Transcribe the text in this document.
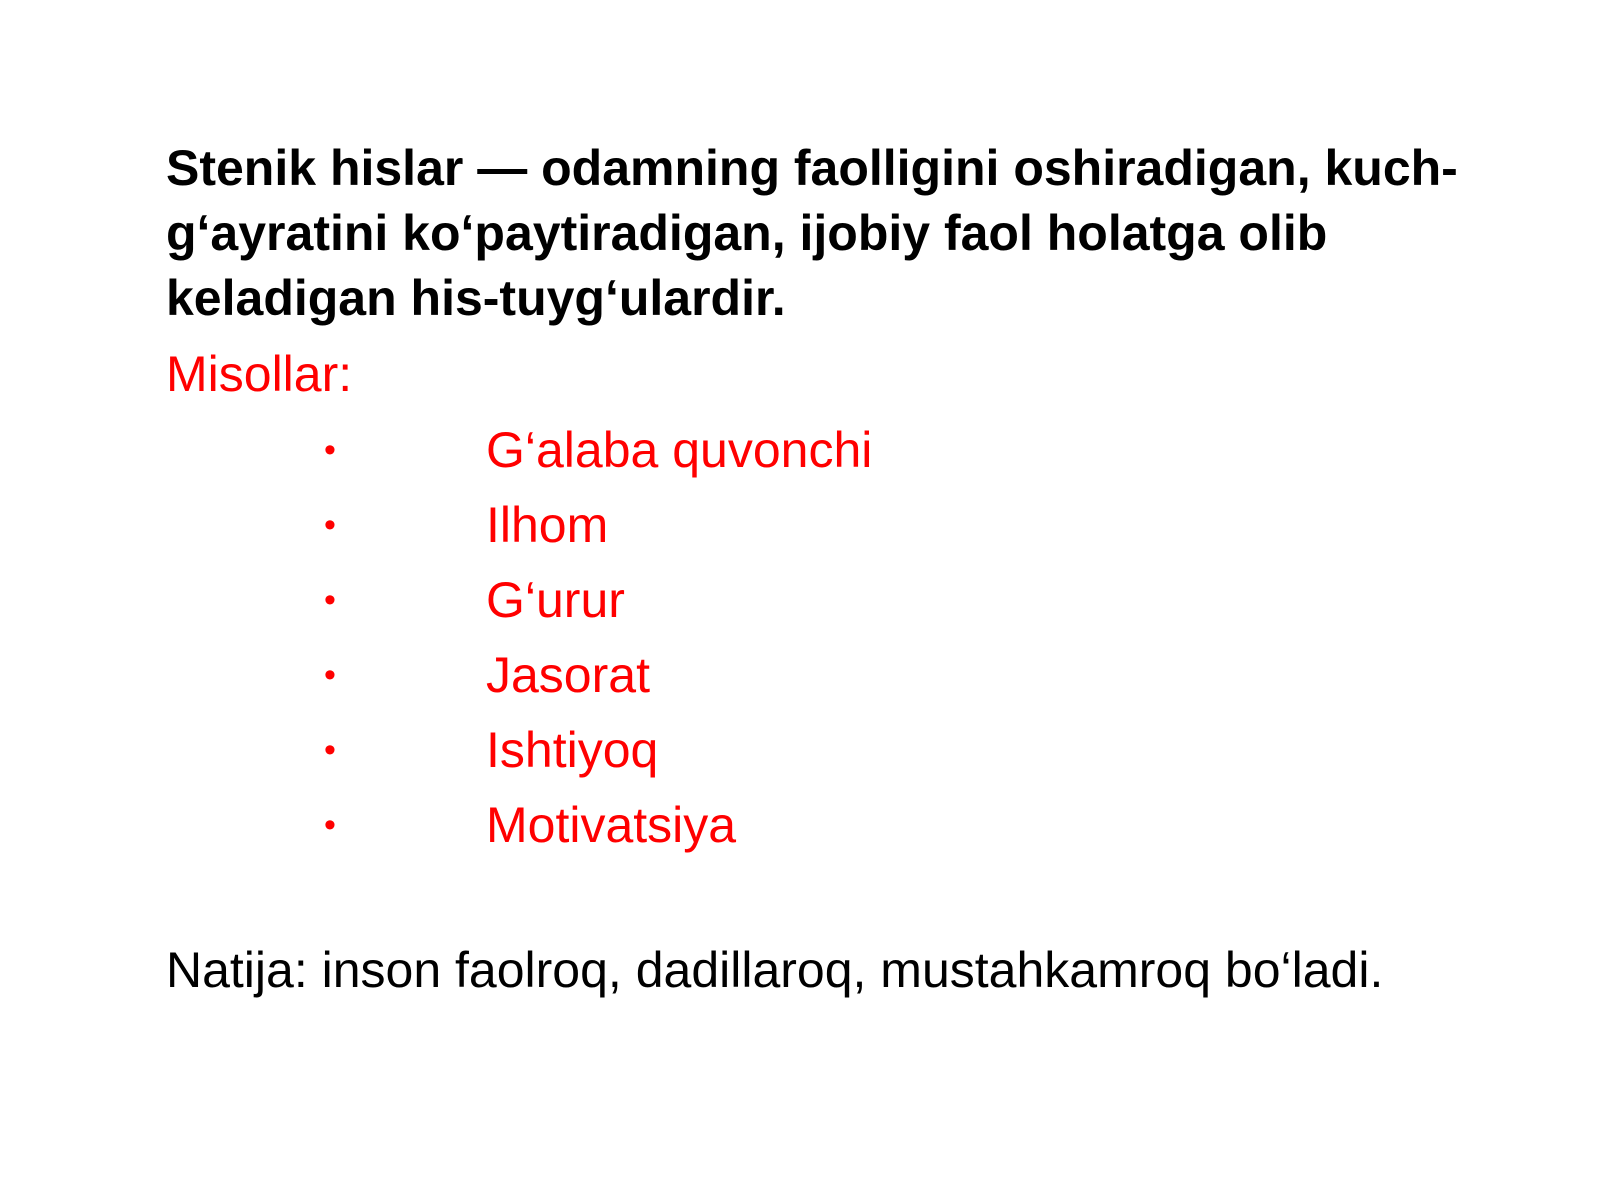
Stenik hislar — odamning faolligini oshiradigan, kuch-g‘ayratini ko‘paytiradigan, ijobiy faol holatga olib keladigan his-tuyg‘ulardir.

Misollar:

•	G‘alaba quvonchi
•	Ilhom
•	G‘urur
•	Jasorat
•	Ishtiyoq
•	Motivatsiya

Natija: inson faolroq, dadillaroq, mustahkamroq bo‘ladi.
